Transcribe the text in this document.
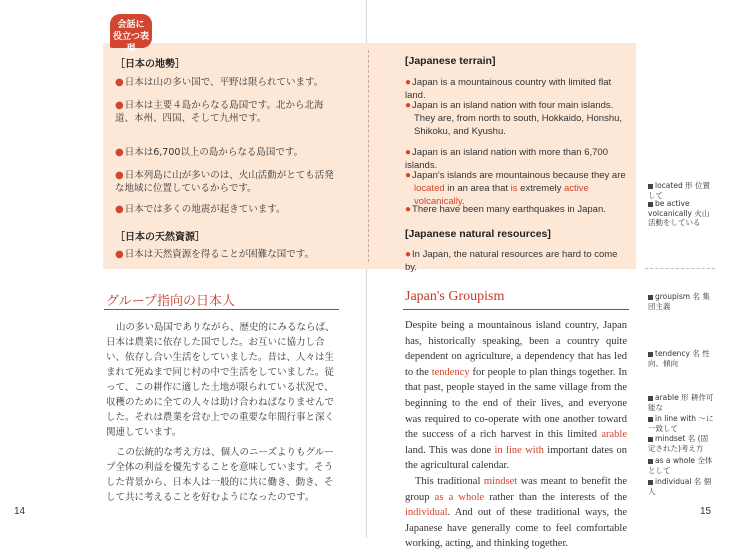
会話に
役立つ表現
［日本の地勢］
●日本は山の多い国で、平野は限られています。
●日本は主要４島からなる島国です。北から北海道、本州、四国、そして九州です。
●日本は6,700以上の島からなる島国です。
●日本列島に山が多いのは、火山活動がとても活発な地域に位置しているからです。
●日本では多くの地震が起きています。
［日本の天然資源］
●日本は天然資源を得ることが困難な国です。
[Japanese terrain]
●Japan is a mountainous country with limited flat land.
●Japan is an island nation with four main islands. They are, from north to south, Hokkaido, Honshu, Shikoku, and Kyushu.
●Japan is an island nation with more than 6,700 islands.
●Japan's islands are mountainous because they are located in an area that is extremely active volcanically.
●There have been many earthquakes in Japan.
[Japanese natural resources]
●In Japan, the natural resources are hard to come by.
グループ指向の日本人
山の多い島国でありながら、歴史的にみるならば、日本は農業に依存した国でした。お互いに協力し合い、依存し合い生活をしていました。昔は、人々は生まれて死ぬまで同じ村の中で生活をしていました。従って、この耕作に適した土地が限られている状況で、収穫のために全ての人々は助け合わねばなりませんでした。それは農業を営む上での重要な年間行事と深く関連しています。
この伝統的な考え方は、個人のニーズよりもグループ全体の利益を優先することを意味しています。そうした背景から、日本人は一般的に共に働き、動き、そして共に考えることを好むようになったのです。
Japan's Groupism

Despite being a mountainous island country, Japan has, historically speaking, been a country quite dependent on agriculture, a dependency that has led to the tendency for people to plan things together. In that past, people stayed in the same village from the beginning to the end of their lives, and everyone was required to co-operate with one another toward the success of a rich harvest in this limited arable land. This was done in line with important dates on the agricultural calendar.

This traditional mindset was meant to benefit the group as a whole rather than the interests of the individual. And out of these traditional ways, the Japanese have generally come to feel comfortable working, acting, and thinking together.

located 形 位置して
be active volcanically 火山活動をしている
groupism 名 集団主義
tendency 名 性向、傾向
arable 形 耕作可能な
in line with 〜に一致して
mindset 名 (固定された)考え方
as a whole 全体として
individual 名 個人
14	15
